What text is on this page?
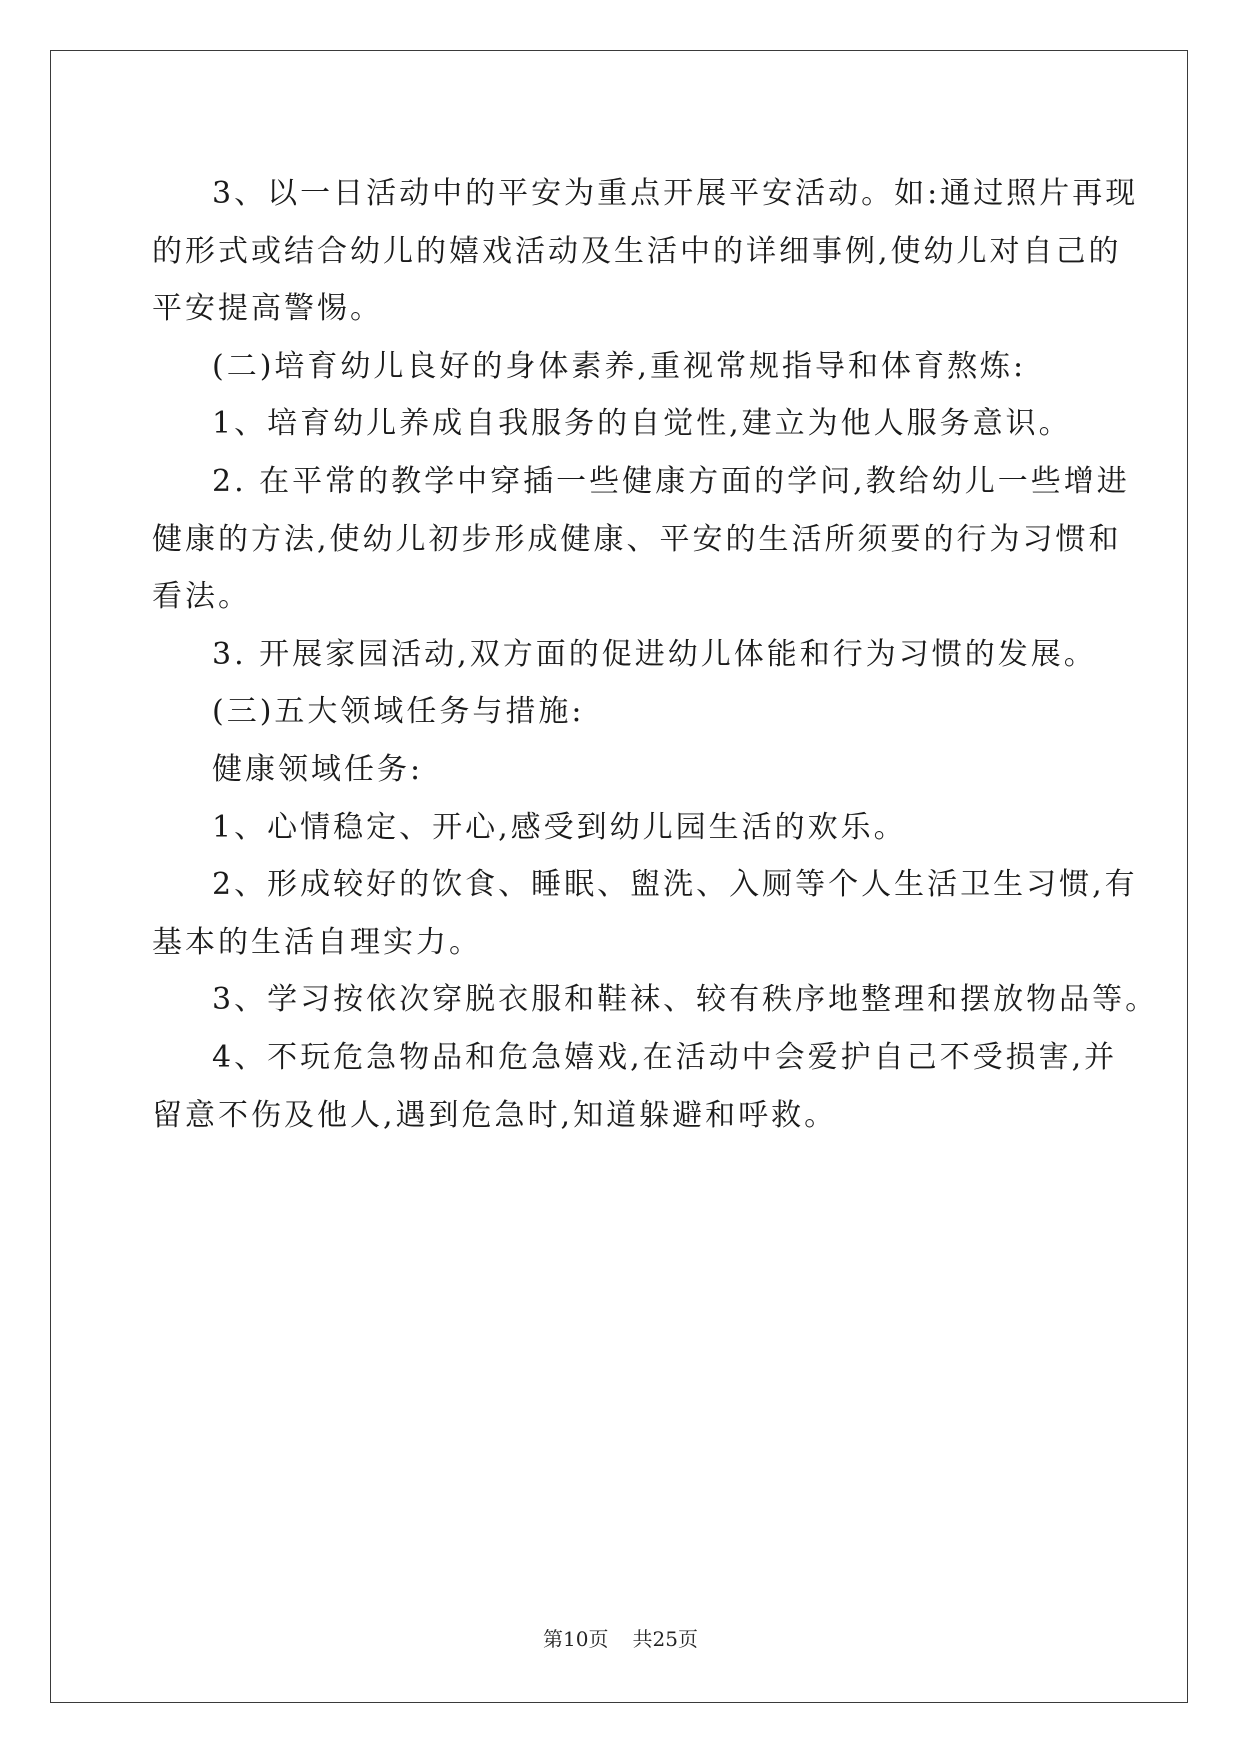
3、以一日活动中的平安为重点开展平安活动。如:通过照片再现

的形式或结合幼儿的嬉戏活动及生活中的详细事例,使幼儿对自己的

平安提高警惕。

(二)培育幼儿良好的身体素养,重视常规指导和体育熬炼:

1、培育幼儿养成自我服务的自觉性,建立为他人服务意识。

2. 在平常的教学中穿插一些健康方面的学问,教给幼儿一些增进

健康的方法,使幼儿初步形成健康、平安的生活所须要的行为习惯和

看法。

3. 开展家园活动,双方面的促进幼儿体能和行为习惯的发展。

(三)五大领域任务与措施:

健康领域任务:

1、心情稳定、开心,感受到幼儿园生活的欢乐。

2、形成较好的饮食、睡眠、盥洗、入厕等个人生活卫生习惯,有

基本的生活自理实力。

3、学习按依次穿脱衣服和鞋袜、较有秩序地整理和摆放物品等。

4、不玩危急物品和危急嬉戏,在活动中会爱护自己不受损害,并

留意不伤及他人,遇到危急时,知道躲避和呼救。

第10页 共25页
